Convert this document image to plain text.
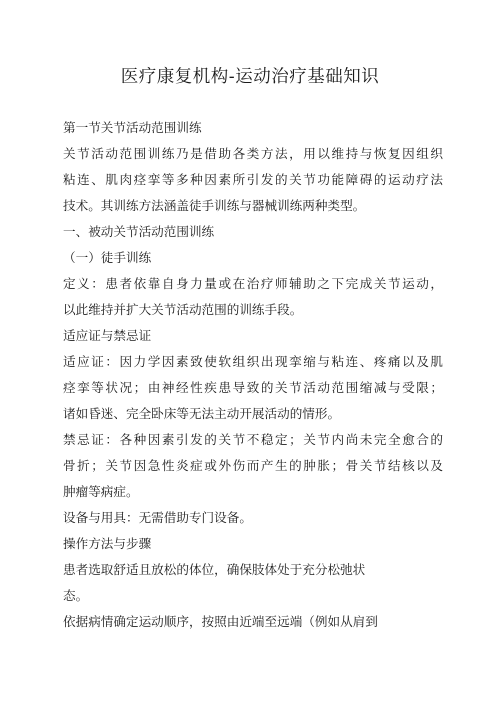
医疗康复机构-运动治疗基础知识
第一节关节活动范围训练
关节活动范围训练乃是借助各类方法，用以维持与恢复因组织
粘连、肌肉痉挛等多种因素所引发的关节功能障碍的运动疗法
技术。其训练方法涵盖徒手训练与器械训练两种类型。
一、被动关节活动范围训练
（一）徒手训练
定义：患者依靠自身力量或在治疗师辅助之下完成关节运动，
以此维持并扩大关节活动范围的训练手段。
适应证与禁忌证
适应证：因力学因素致使软组织出现挛缩与粘连、疼痛以及肌
痉挛等状况；由神经性疾患导致的关节活动范围缩减与受限；
诸如昏迷、完全卧床等无法主动开展活动的情形。
禁忌证：各种因素引发的关节不稳定；关节内尚未完全愈合的
骨折；关节因急性炎症或外伤而产生的肿胀；骨关节结核以及
肿瘤等病症。
设备与用具：无需借助专门设备。
操作方法与步骤
患者选取舒适且放松的体位，确保肢体处于充分松弛状
态。
依据病情确定运动顺序，按照由近端至远端（例如从肩到
